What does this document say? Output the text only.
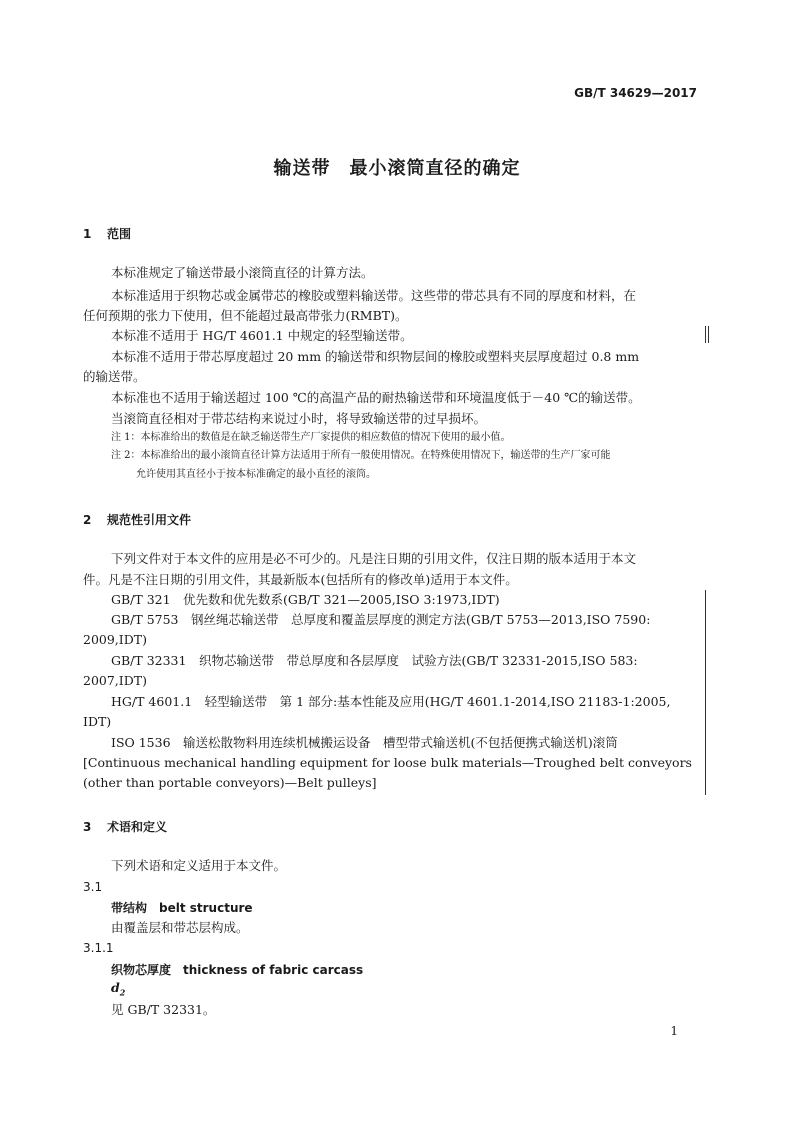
GB/T 34629—2017
输送带　最小滚筒直径的确定
1 范围
本标准规定了输送带最小滚筒直径的计算方法。
本标准适用于织物芯或金属带芯的橡胶或塑料输送带。这些带的带芯具有不同的厚度和材料，在
任何预期的张力下使用，但不能超过最高带张力(RMBT)。
本标准不适用于 HG/T 4601.1 中规定的轻型输送带。
本标准不适用于带芯厚度超过 20 mm 的输送带和织物层间的橡胶或塑料夹层厚度超过 0.8 mm
的输送带。
本标准也不适用于输送超过 100 ℃的高温产品的耐热输送带和环境温度低于－40 ℃的输送带。
当滚筒直径相对于带芯结构来说过小时，将导致输送带的过早损坏。
注 1：本标准给出的数值是在缺乏输送带生产厂家提供的相应数值的情况下使用的最小值。
注 2：本标准给出的最小滚筒直径计算方法适用于所有一般使用情况。在特殊使用情况下，输送带的生产厂家可能
允许使用其直径小于按本标准确定的最小直径的滚筒。
2 规范性引用文件
下列文件对于本文件的应用是必不可少的。凡是注日期的引用文件，仅注日期的版本适用于本文
件。凡是不注日期的引用文件，其最新版本(包括所有的修改单)适用于本文件。
GB/T 321　优先数和优先数系(GB/T 321—2005,ISO 3:1973,IDT)
GB/T 5753　钢丝绳芯输送带　总厚度和覆盖层厚度的测定方法(GB/T 5753—2013,ISO 7590:
2009,IDT)
GB/T 32331　织物芯输送带　带总厚度和各层厚度　试验方法(GB/T 32331-2015,ISO 583:
2007,IDT)
HG/T 4601.1　轻型输送带　第 1 部分:基本性能及应用(HG/T 4601.1-2014,ISO 21183-1:2005,
IDT)
ISO 1536　输送松散物料用连续机械搬运设备　槽型带式输送机(不包括便携式输送机)滚筒
[Continuous mechanical handling equipment for loose bulk materials—Troughed belt conveyors
(other than portable conveyors)—Belt pulleys]
3 术语和定义
下列术语和定义适用于本文件。
3.1
带结构　belt structure
由覆盖层和带芯层构成。
3.1.1
织物芯厚度　thickness of fabric carcass
$d_2$
见 GB/T 32331。
1
